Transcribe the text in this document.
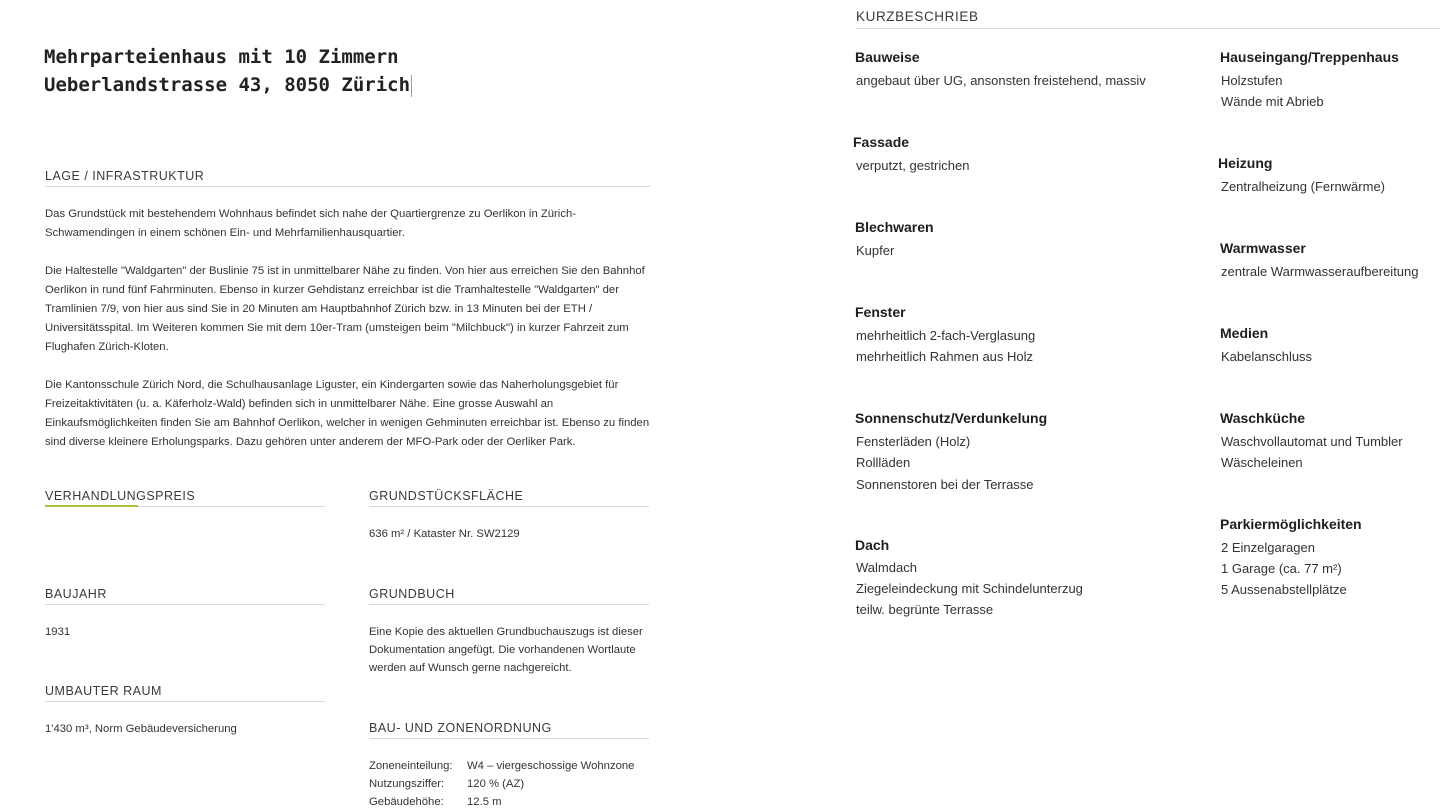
Mehrparteienhaus mit 10 Zimmern
Ueberlandstrasse 43, 8050 Zürich
LAGE / INFRASTRUKTUR

Das Grundstück mit bestehendem Wohnhaus befindet sich nahe der Quartiergrenze zu Oerlikon in Zürich-Schwamendingen in einem schönen Ein- und Mehrfamilienhausquartier.

Die Haltestelle "Waldgarten" der Buslinie 75 ist in unmittelbarer Nähe zu finden. Von hier aus erreichen Sie den Bahnhof Oerlikon in rund fünf Fahrminuten. Ebenso in kurzer Gehdistanz erreichbar ist die Tramhaltestelle "Waldgarten" der Tramlinien 7/9, von hier aus sind Sie in 20 Minuten am Hauptbahnhof Zürich bzw. in 13 Minuten bei der ETH / Universitätsspital. Im Weiteren kommen Sie mit dem 10er-Tram (umsteigen beim "Milchbuck") in kurzer Fahrzeit zum Flughafen Zürich-Kloten.

Die Kantonsschule Zürich Nord, die Schulhausanlage Liguster, ein Kindergarten sowie das Naherholungsgebiet für Freizeitaktivitäten (u. a. Käferholz-Wald) befinden sich in unmittelbarer Nähe. Eine grosse Auswahl an Einkaufsmöglichkeiten finden Sie am Bahnhof Oerlikon, welcher in wenigen Gehminuten erreichbar ist. Ebenso zu finden sind diverse kleinere Erholungsparks. Dazu gehören unter anderem der MFO-Park oder der Oerliker Park.

VERHANDLUNGSPREIS	GRUNDSTÜCKSFLÄCHE
636 m² / Kataster Nr. SW2129
BAUJAHR
1931
GRUNDBUCH
Eine Kopie des aktuellen Grundbuchauszugs ist dieser
Dokumentation angefügt. Die vorhandenen Wortlaute
werden auf Wunsch gerne nachgereicht.
UMBAUTER RAUM
1'430 m³, Norm Gebäudeversicherung	BAU- UND ZONENORDNUNG
Zoneneinteilung:	W4 – viergeschossige Wohnzone
Nutzungsziffer:	120 % (AZ)
Gebäudehöhe:	12.5 m
KURZBESCHRIEB
Bauweise
angebaut über UG, ansonsten freistehend, massiv
Fassade
verputzt, gestrichen
Blechwaren
Kupfer
Fenster
mehrheitlich 2-fach-Verglasung
mehrheitlich Rahmen aus Holz
Sonnenschutz/Verdunkelung
Fensterläden (Holz)
Rollläden
Sonnenstoren bei der Terrasse
Dach
Walmdach
Ziegeleindeckung mit Schindelunterzug
teilw. begrünte Terrasse
Hauseingang/Treppenhaus
Holzstufen
Wände mit Abrieb
Heizung
Zentralheizung (Fernwärme)
Warmwasser
zentrale Warmwasseraufbereitung
Medien
Kabelanschluss
Waschküche
Waschvollautomat und Tumbler
Wäscheleinen
Parkiermöglichkeiten
2 Einzelgaragen
1 Garage (ca. 77 m²)
5 Aussenabstellplätze
